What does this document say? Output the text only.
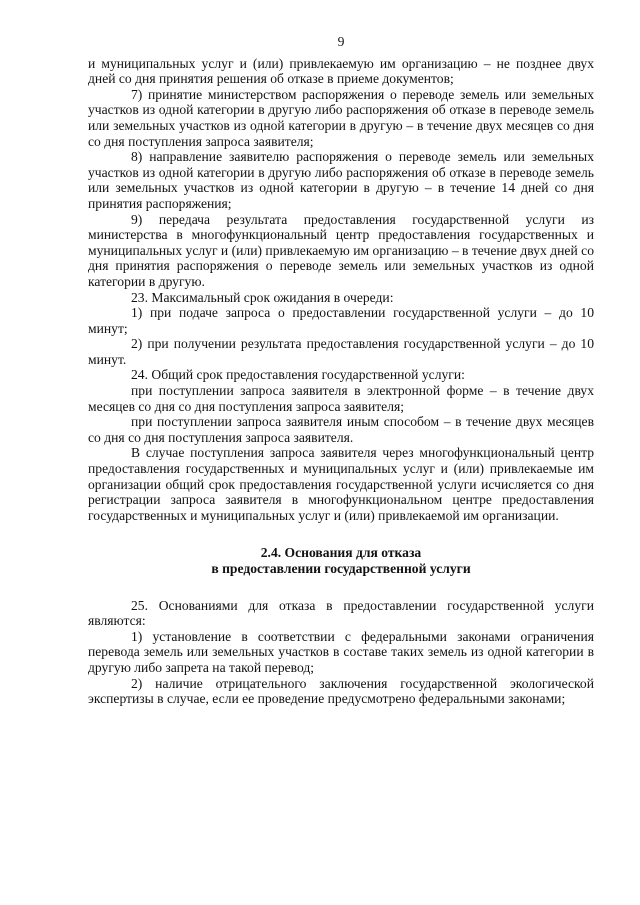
9

и муниципальных услуг и (или) привлекаемую им организацию – не позднее двух дней со дня принятия решения об отказе в приеме документов;

7) принятие министерством распоряжения о переводе земель или земельных участков из одной категории в другую либо распоряжения об отказе в переводе земель или земельных участков из одной категории в другую – в течение двух месяцев со дня со дня поступления запроса заявителя;

8) направление заявителю распоряжения о переводе земель или земельных участков из одной категории в другую либо распоряжения об отказе в переводе земель или земельных участков из одной категории в другую – в течение 14 дней со дня принятия распоряжения;

9) передача результата предоставления государственной услуги из министерства в многофункциональный центр предоставления государственных и муниципальных услуг и (или) привлекаемую им организацию – в течение двух дней со дня принятия распоряжения о переводе земель или земельных участков из одной категории в другую.

23. Максимальный срок ожидания в очереди:

1) при подаче запроса о предоставлении государственной услуги – до 10 минут;

2) при получении результата предоставления государственной услуги – до 10 минут.

24. Общий срок предоставления государственной услуги:

при поступлении запроса заявителя в электронной форме – в течение двух месяцев со дня со дня поступления запроса заявителя;

при поступлении запроса заявителя иным способом – в течение двух месяцев со дня со дня поступления запроса заявителя.

В случае поступления запроса заявителя через многофункциональный центр предоставления государственных и муниципальных услуг и (или) привлекаемые им организации общий срок предоставления государственной услуги исчисляется со дня регистрации запроса заявителя в многофункциональном центре предоставления государственных и муниципальных услуг и (или) привлекаемой им организации.

2.4. Основания для отказа

в предоставлении государственной услуги

25. Основаниями для отказа в предоставлении государственной услуги являются:

1) установление в соответствии с федеральными законами ограничения перевода земель или земельных участков в составе таких земель из одной категории в другую либо запрета на такой перевод;

2) наличие отрицательного заключения государственной экологической экспертизы в случае, если ее проведение предусмотрено федеральными законами;
